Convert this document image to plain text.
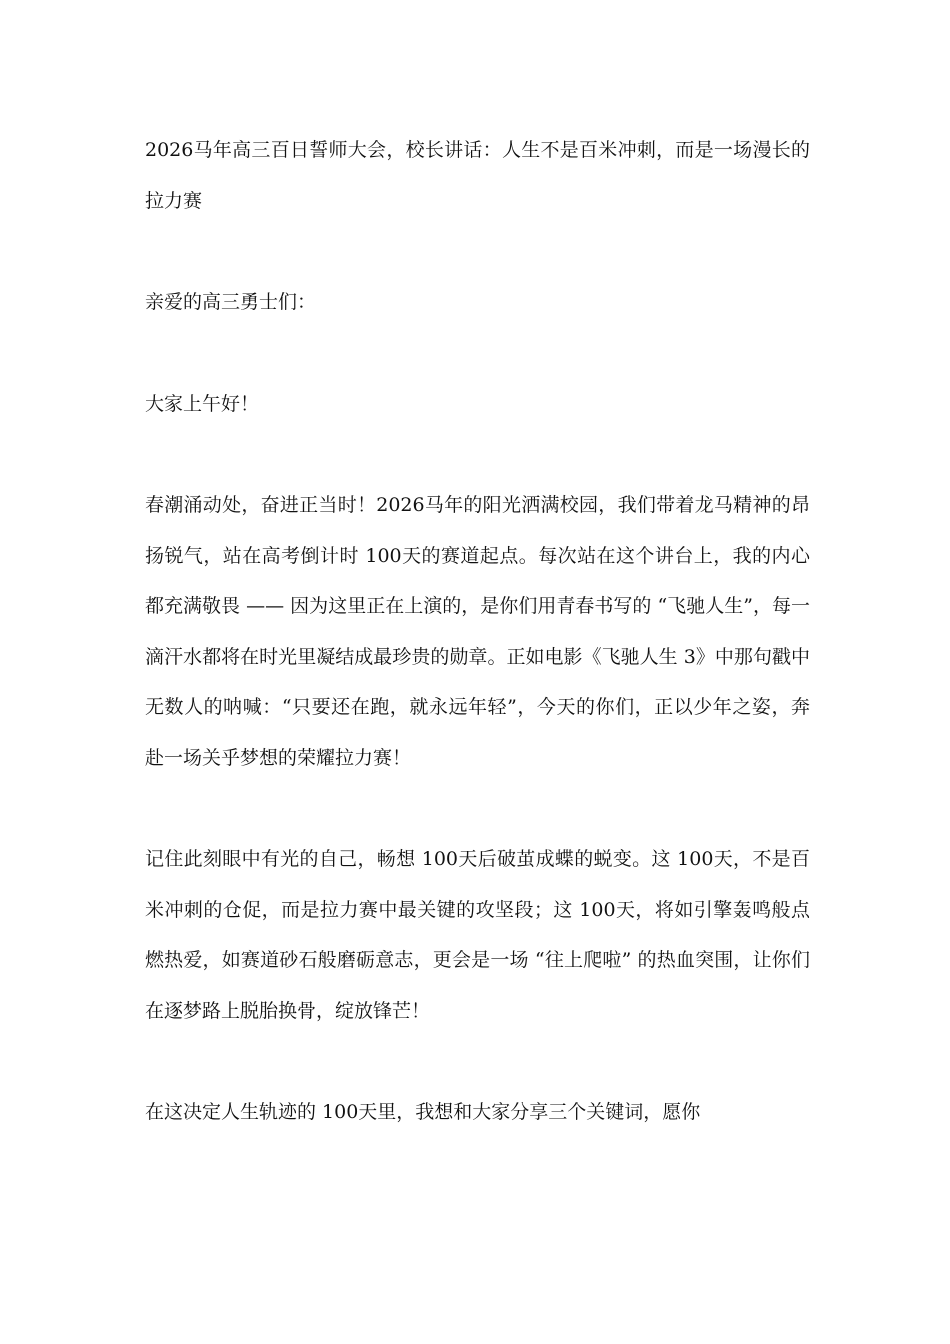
2026马年高三百日誓师大会，校长讲话：人生不是百米冲刺，而是一场漫长的拉力赛

亲爱的高三勇士们：

大家上午好！

春潮涌动处，奋进正当时！2026马年的阳光洒满校园，我们带着龙马精神的昂扬锐气，站在高考倒计时 100天的赛道起点。每次站在这个讲台上，我的内心都充满敬畏 —— 因为这里正在上演的，是你们用青春书写的 “飞驰人生”，每一滴汗水都将在时光里凝结成最珍贵的勋章。正如电影《飞驰人生 3》中那句戳中无数人的呐喊：“只要还在跑，就永远年轻”，今天的你们，正以少年之姿，奔赴一场关乎梦想的荣耀拉力赛！

记住此刻眼中有光的自己，畅想 100天后破茧成蝶的蜕变。这 100天，不是百米冲刺的仓促，而是拉力赛中最关键的攻坚段；这 100天，将如引擎轰鸣般点燃热爱，如赛道砂石般磨砺意志，更会是一场 “往上爬啦” 的热血突围，让你们在逐梦路上脱胎换骨，绽放锋芒！

在这决定人生轨迹的 100天里，我想和大家分享三个关键词，愿你
